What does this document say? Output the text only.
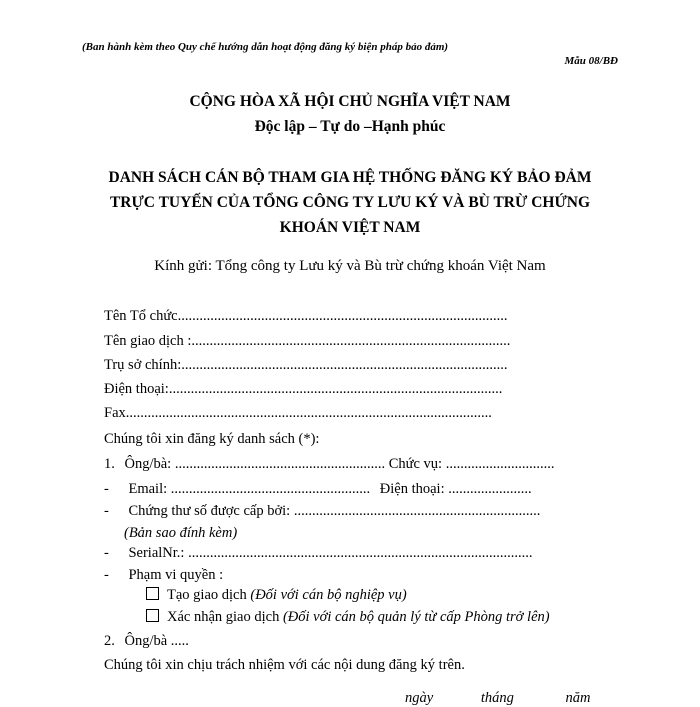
(Ban hành kèm theo Quy chế hướng dẫn hoạt động đăng ký biện pháp bảo đảm)
Mẫu 08/BĐ
CỘNG HÒA XÃ HỘI CHỦ NGHĨA VIỆT NAM
Độc lập – Tự do –Hạnh phúc
DANH SÁCH CÁN BỘ THAM GIA HỆ THỐNG ĐĂNG KÝ BẢO ĐẢM
TRỰC TUYẾN CỦA TỔNG CÔNG TY LƯU KÝ VÀ BÙ TRỪ CHỨNG
KHOÁN VIỆT NAM
Kính gửi: Tổng công ty Lưu ký và Bù trừ chứng khoán Việt Nam
Tên Tổ chức...........................................................................................
Tên giao dịch :........................................................................................
Trụ sở chính:..........................................................................................
Điện thoại:............................................................................................
Fax.....................................................................................................
Chúng tôi xin đăng ký danh sách (*):
1. Ông/bà: .......................................................... Chức vụ: ..............................
- Email: ....................................................... Điện thoại: .......................
- Chứng thư số được cấp bởi: ....................................................................
(Bản sao đính kèm)
- SerialNr.: ...............................................................................................
- Phạm vi quyền :
Tạo giao dịch (Đối với cán bộ nghiệp vụ)
Xác nhận giao dịch (Đối với cán bộ quản lý từ cấp Phòng trở lên)
2. Ông/bà .....
Chúng tôi xin chịu trách nhiệm với các nội dung đăng ký trên.
ngày	tháng	năm
